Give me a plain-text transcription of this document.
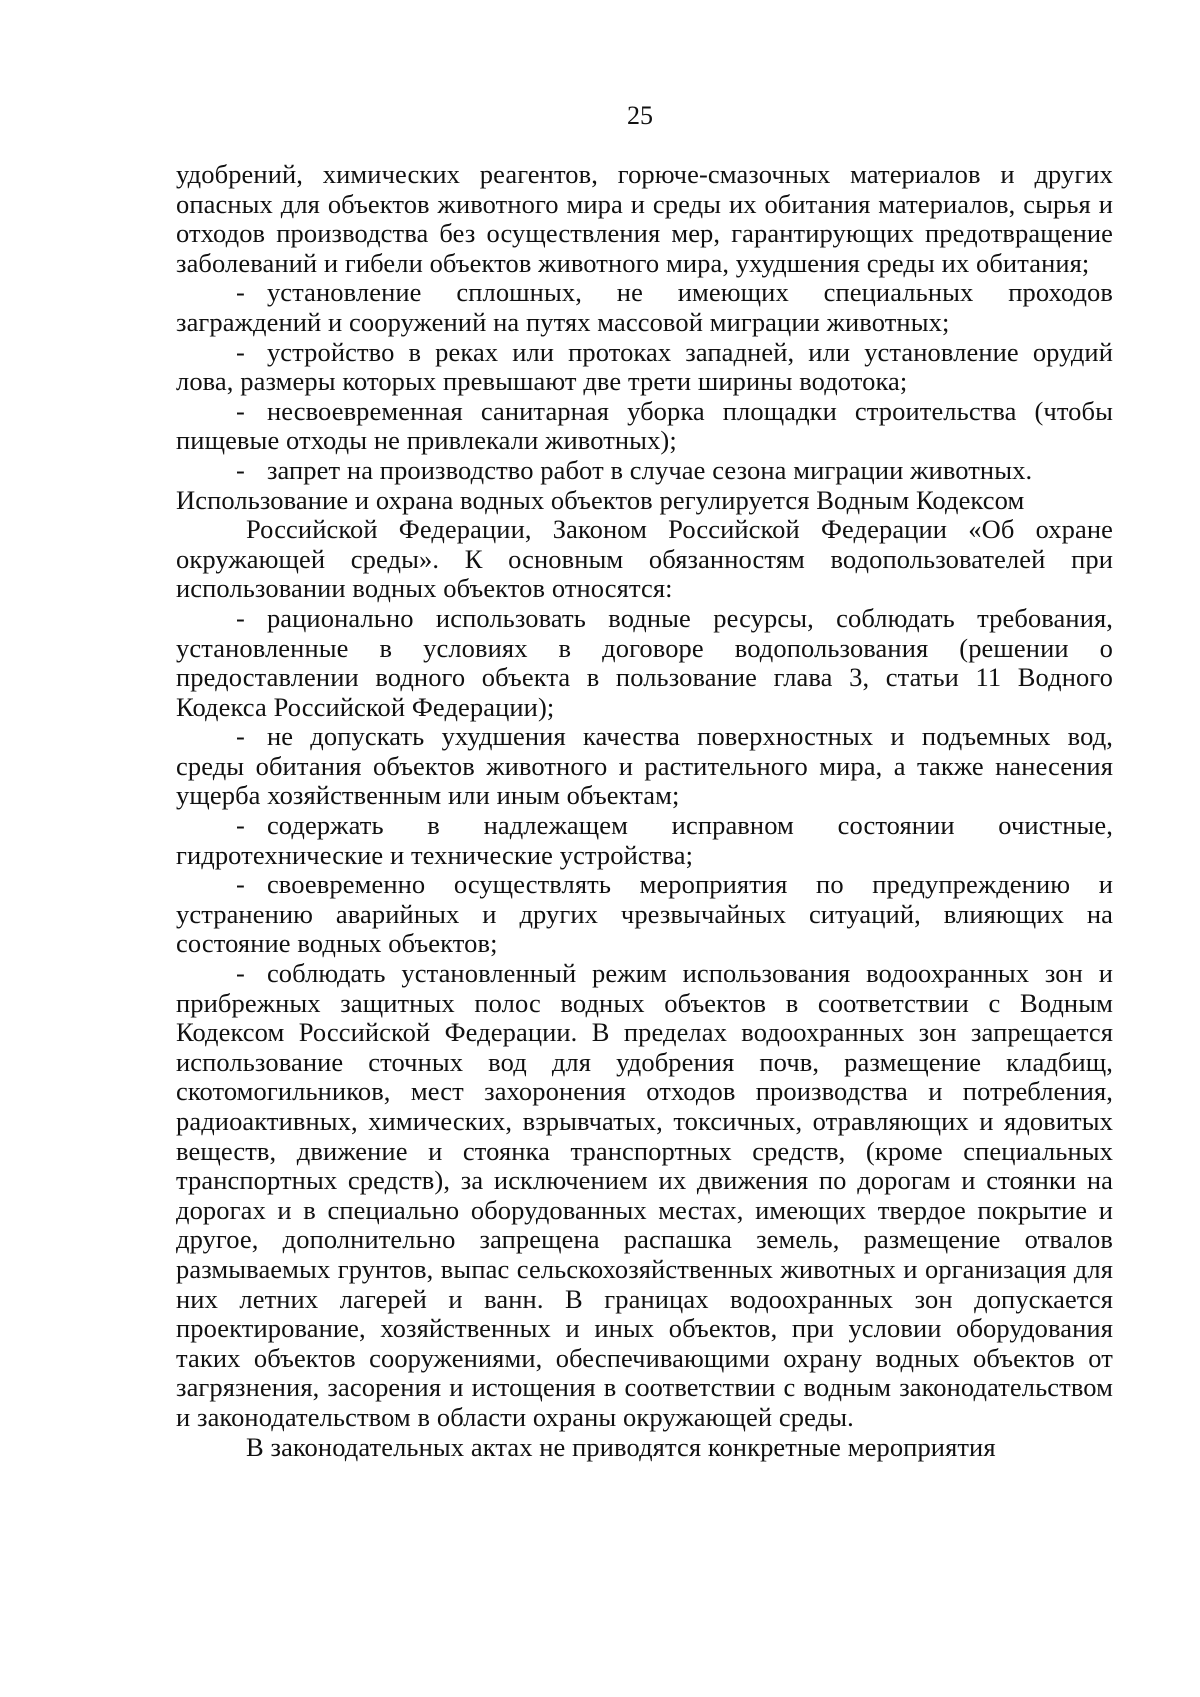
25

удобрений, химических реагентов, горюче-смазочных материалов и других опасных для объектов животного мира и среды их обитания материалов, сырья и отходов производства без осуществления мер, гарантирующих предотвращение заболеваний и гибели объектов животного мира, ухудшения среды их обитания;

- установление сплошных, не имеющих специальных проходов заграждений и сооружений на путях массовой миграции животных;

- устройство в реках или протоках западней, или установление орудий лова, размеры которых превышают две трети ширины водотока;

- несвоевременная санитарная уборка площадки строительства (чтобы пищевые отходы не привлекали животных);

- запрет на производство работ в случае сезона миграции животных.

Использование и охрана водных объектов регулируется Водным Кодексом

Российской Федерации, Законом Российской Федерации «Об охране окружающей среды». К основным обязанностям водопользователей при использовании водных объектов относятся:

- рационально использовать водные ресурсы, соблюдать требования, установленные в условиях в договоре водопользования (решении о предоставлении водного объекта в пользование глава 3, статьи 11 Водного Кодекса Российской Федерации);

- не допускать ухудшения качества поверхностных и подъемных вод, среды обитания объектов животного и растительного мира, а также нанесения ущерба хозяйственным или иным объектам;

- содержать в надлежащем исправном состоянии очистные, гидротехнические и технические устройства;

- своевременно осуществлять мероприятия по предупреждению и устранению аварийных и других чрезвычайных ситуаций, влияющих на состояние водных объектов;

- соблюдать установленный режим использования водоохранных зон и прибрежных защитных полос водных объектов в соответствии с Водным Кодексом Российской Федерации. В пределах водоохранных зон запрещается использование сточных вод для удобрения почв, размещение кладбищ, скотомогильников, мест захоронения отходов производства и потребления, радиоактивных, химических, взрывчатых, токсичных, отравляющих и ядовитых веществ, движение и стоянка транспортных средств, (кроме специальных транспортных средств), за исключением их движения по дорогам и стоянки на дорогах и в специально оборудованных местах, имеющих твердое покрытие и другое, дополнительно запрещена распашка земель, размещение отвалов размываемых грунтов, выпас сельскохозяйственных животных и организация для них летних лагерей и ванн. В границах водоохранных зон допускается проектирование, хозяйственных и иных объектов, при условии оборудования таких объектов сооружениями, обеспечивающими охрану водных объектов от загрязнения, засорения и истощения в соответствии с водным законодательством и законодательством в области охраны окружающей среды.

В законодательных актах не приводятся конкретные мероприятия
